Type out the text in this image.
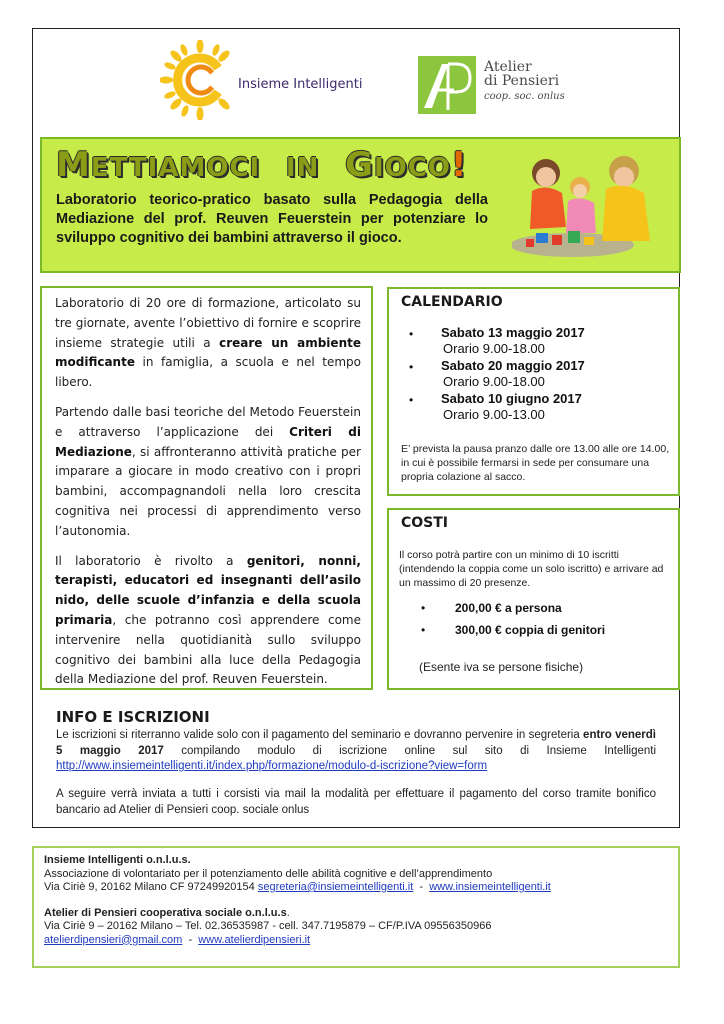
Insieme Intelligenti
Atelier
di Pensieri
coop. soc. onlus
METTIAMOCI IN GIOCO!
Laboratorio teorico-pratico basato sulla Pedagogia della Mediazione del prof. Reuven Feuerstein per potenziare lo sviluppo cognitivo dei bambini attraverso il gioco.

Laboratorio di 20 ore di formazione, articolato su tre giornate, avente l’obiettivo di fornire e scoprire insieme strategie utili a creare un ambiente modificante in famiglia, a scuola e nel tempo libero.

Partendo dalle basi teoriche del Metodo Feuerstein e attraverso l’applicazione dei Criteri di Mediazione, si affronteranno attività pratiche per imparare a giocare in modo creativo con i propri bambini, accompagnandoli nella loro crescita cognitiva nei processi di apprendimento verso l’autonomia.

Il laboratorio è rivolto a genitori, nonni, terapisti, educatori ed insegnanti dell’asilo nido, delle scuole d’infanzia e della scuola primaria, che potranno così apprendere come intervenire nella quotidianità sullo sviluppo cognitivo dei bambini alla luce della Pedagogia della Mediazione del prof. Reuven Feuerstein.

CALENDARIO
• Sabato 13 maggio 2017
Orario 9.00-18.00
• Sabato 20 maggio 2017
Orario 9.00-18.00
• Sabato 10 giugno 2017
Orario 9.00-13.00
E’ prevista la pausa pranzo dalle ore 13.00 alle ore 14.00, in cui è possibile fermarsi in sede per consumare una propria colazione al sacco.
COSTI
Il corso potrà partire con un minimo di 10 iscritti (intendendo la coppia come un solo iscritto) e arrivare ad un massimo di 20 presenze.
• 200,00 € a persona
• 300,00 € coppia di genitori
(Esente iva se persone fisiche)
INFO E ISCRIZIONI
Le iscrizioni si riterranno valide solo con il pagamento del seminario e dovranno pervenire in segreteria entro venerdì 5 maggio 2017 compilando modulo di iscrizione online sul sito di Insieme Intelligenti http://www.insiemeintelligenti.it/index.php/formazione/modulo-d-iscrizione?view=form
A seguire verrà inviata a tutti i corsisti via mail la modalità per effettuare il pagamento del corso tramite bonifico bancario ad Atelier di Pensieri coop. sociale onlus
Insieme Intelligenti o.n.l.u.s.
Associazione di volontariato per il potenziamento delle abilità cognitive e dell’apprendimento
Via Ciriè 9, 20162 Milano CF 97249920154 segreteria@insiemeintelligenti.it  -  www.insiemeintelligenti.it
Atelier di Pensieri cooperativa sociale o.n.l.u.s.
Via Ciriè 9 – 20162 Milano – Tel. 02.36535987 - cell. 347.7195879 – CF/P.IVA 09556350966
atelierdipensieri@gmail.com  -  www.atelierdipensieri.it
